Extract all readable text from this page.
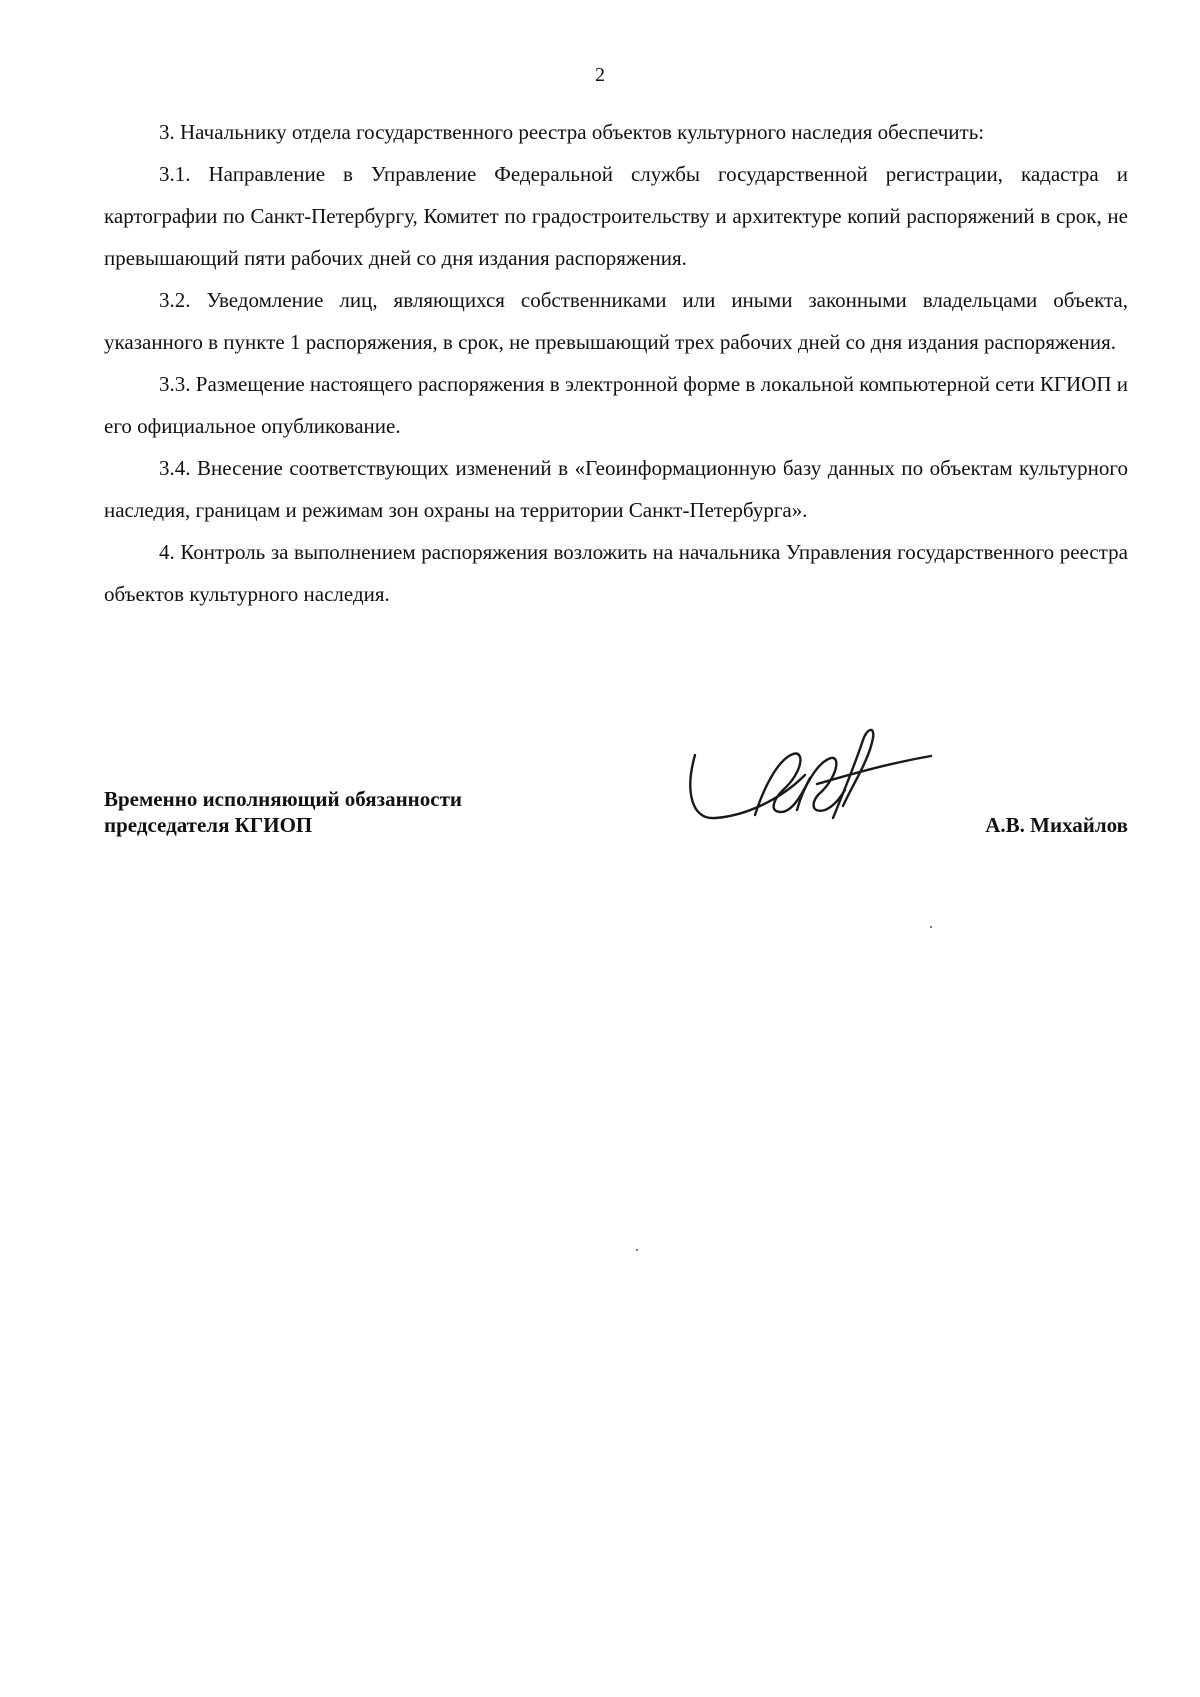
2

3. Начальнику отдела государственного реестра объектов культурного наследия обеспечить:

3.1. Направление в Управление Федеральной службы государственной регистрации, кадастра и картографии по Санкт-Петербургу, Комитет по градостроительству и архитектуре копий распоряжений в срок, не превышающий пяти рабочих дней со дня издания распоряжения.

3.2. Уведомление лиц, являющихся собственниками или иными законными владельцами объекта, указанного в пункте 1 распоряжения, в срок, не превышающий трех рабочих дней со дня издания распоряжения.

3.3. Размещение настоящего распоряжения в электронной форме в локальной компьютерной сети КГИОП и его официальное опубликование.

3.4. Внесение соответствующих изменений в «Геоинформационную базу данных по объектам культурного наследия, границам и режимам зон охраны на территории Санкт-Петербурга».

4. Контроль за выполнением распоряжения возложить на начальника Управления государственного реестра объектов культурного наследия.

Временно исполняющий обязанности
председателя КГИОП	А.В. Михайлов
